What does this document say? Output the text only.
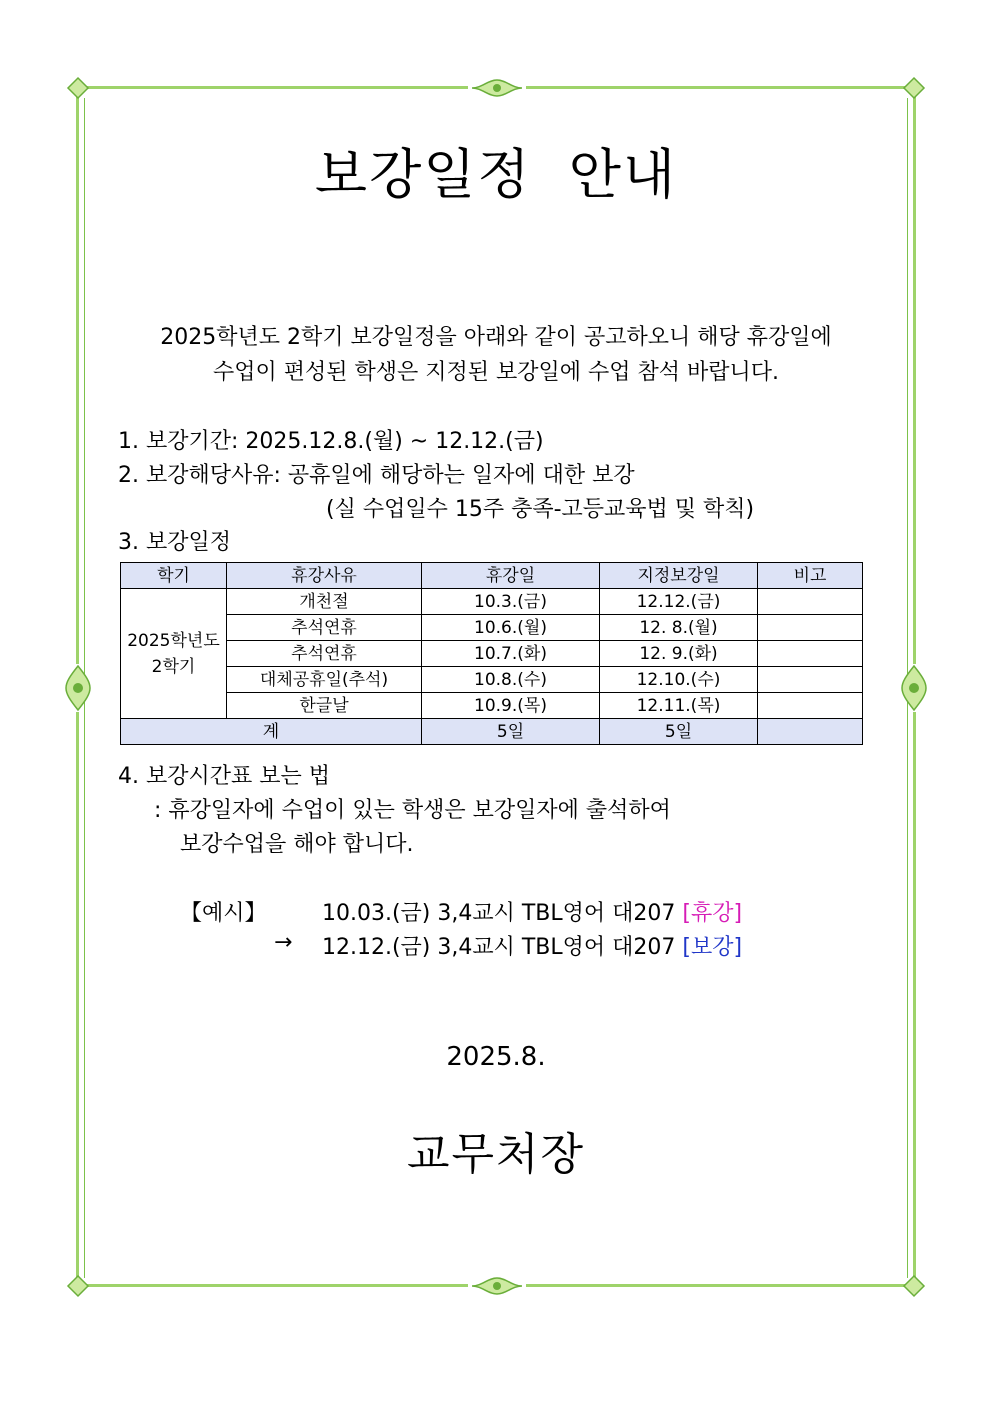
보강일정 안내
2025학년도 2학기 보강일정을 아래와 같이 공고하오니 해당 휴강일에
수업이 편성된 학생은 지정된 보강일에 수업 참석 바랍니다.
1. 보강기간: 2025.12.8.(월) ~ 12.12.(금)
2. 보강해당사유: 공휴일에 해당하는 일자에 대한 보강
(실 수업일수 15주 충족-고등교육법 및 학칙)
3. 보강일정
학기	휴강사유	휴강일	지정보강일	비고
2025학년도 2학기	개천절	10.3.(금)	12.12.(금)	
	추석연휴	10.6.(월)	12. 8.(월)	
	추석연휴	10.7.(화)	12. 9.(화)	
	대체공휴일(추석)	10.8.(수)	12.10.(수)	
	한글날	10.9.(목)	12.11.(목)	
계		5일	5일	
4. 보강시간표 보는 법
: 휴강일자에 수업이 있는 학생은 보강일자에 출석하여
보강수업을 해야 합니다.
【예시】	10.03.(금) 3,4교시 TBL영어 대207 [휴강]
→ 12.12.(금) 3,4교시 TBL영어 대207 [보강]
2025.8.
교무처장
